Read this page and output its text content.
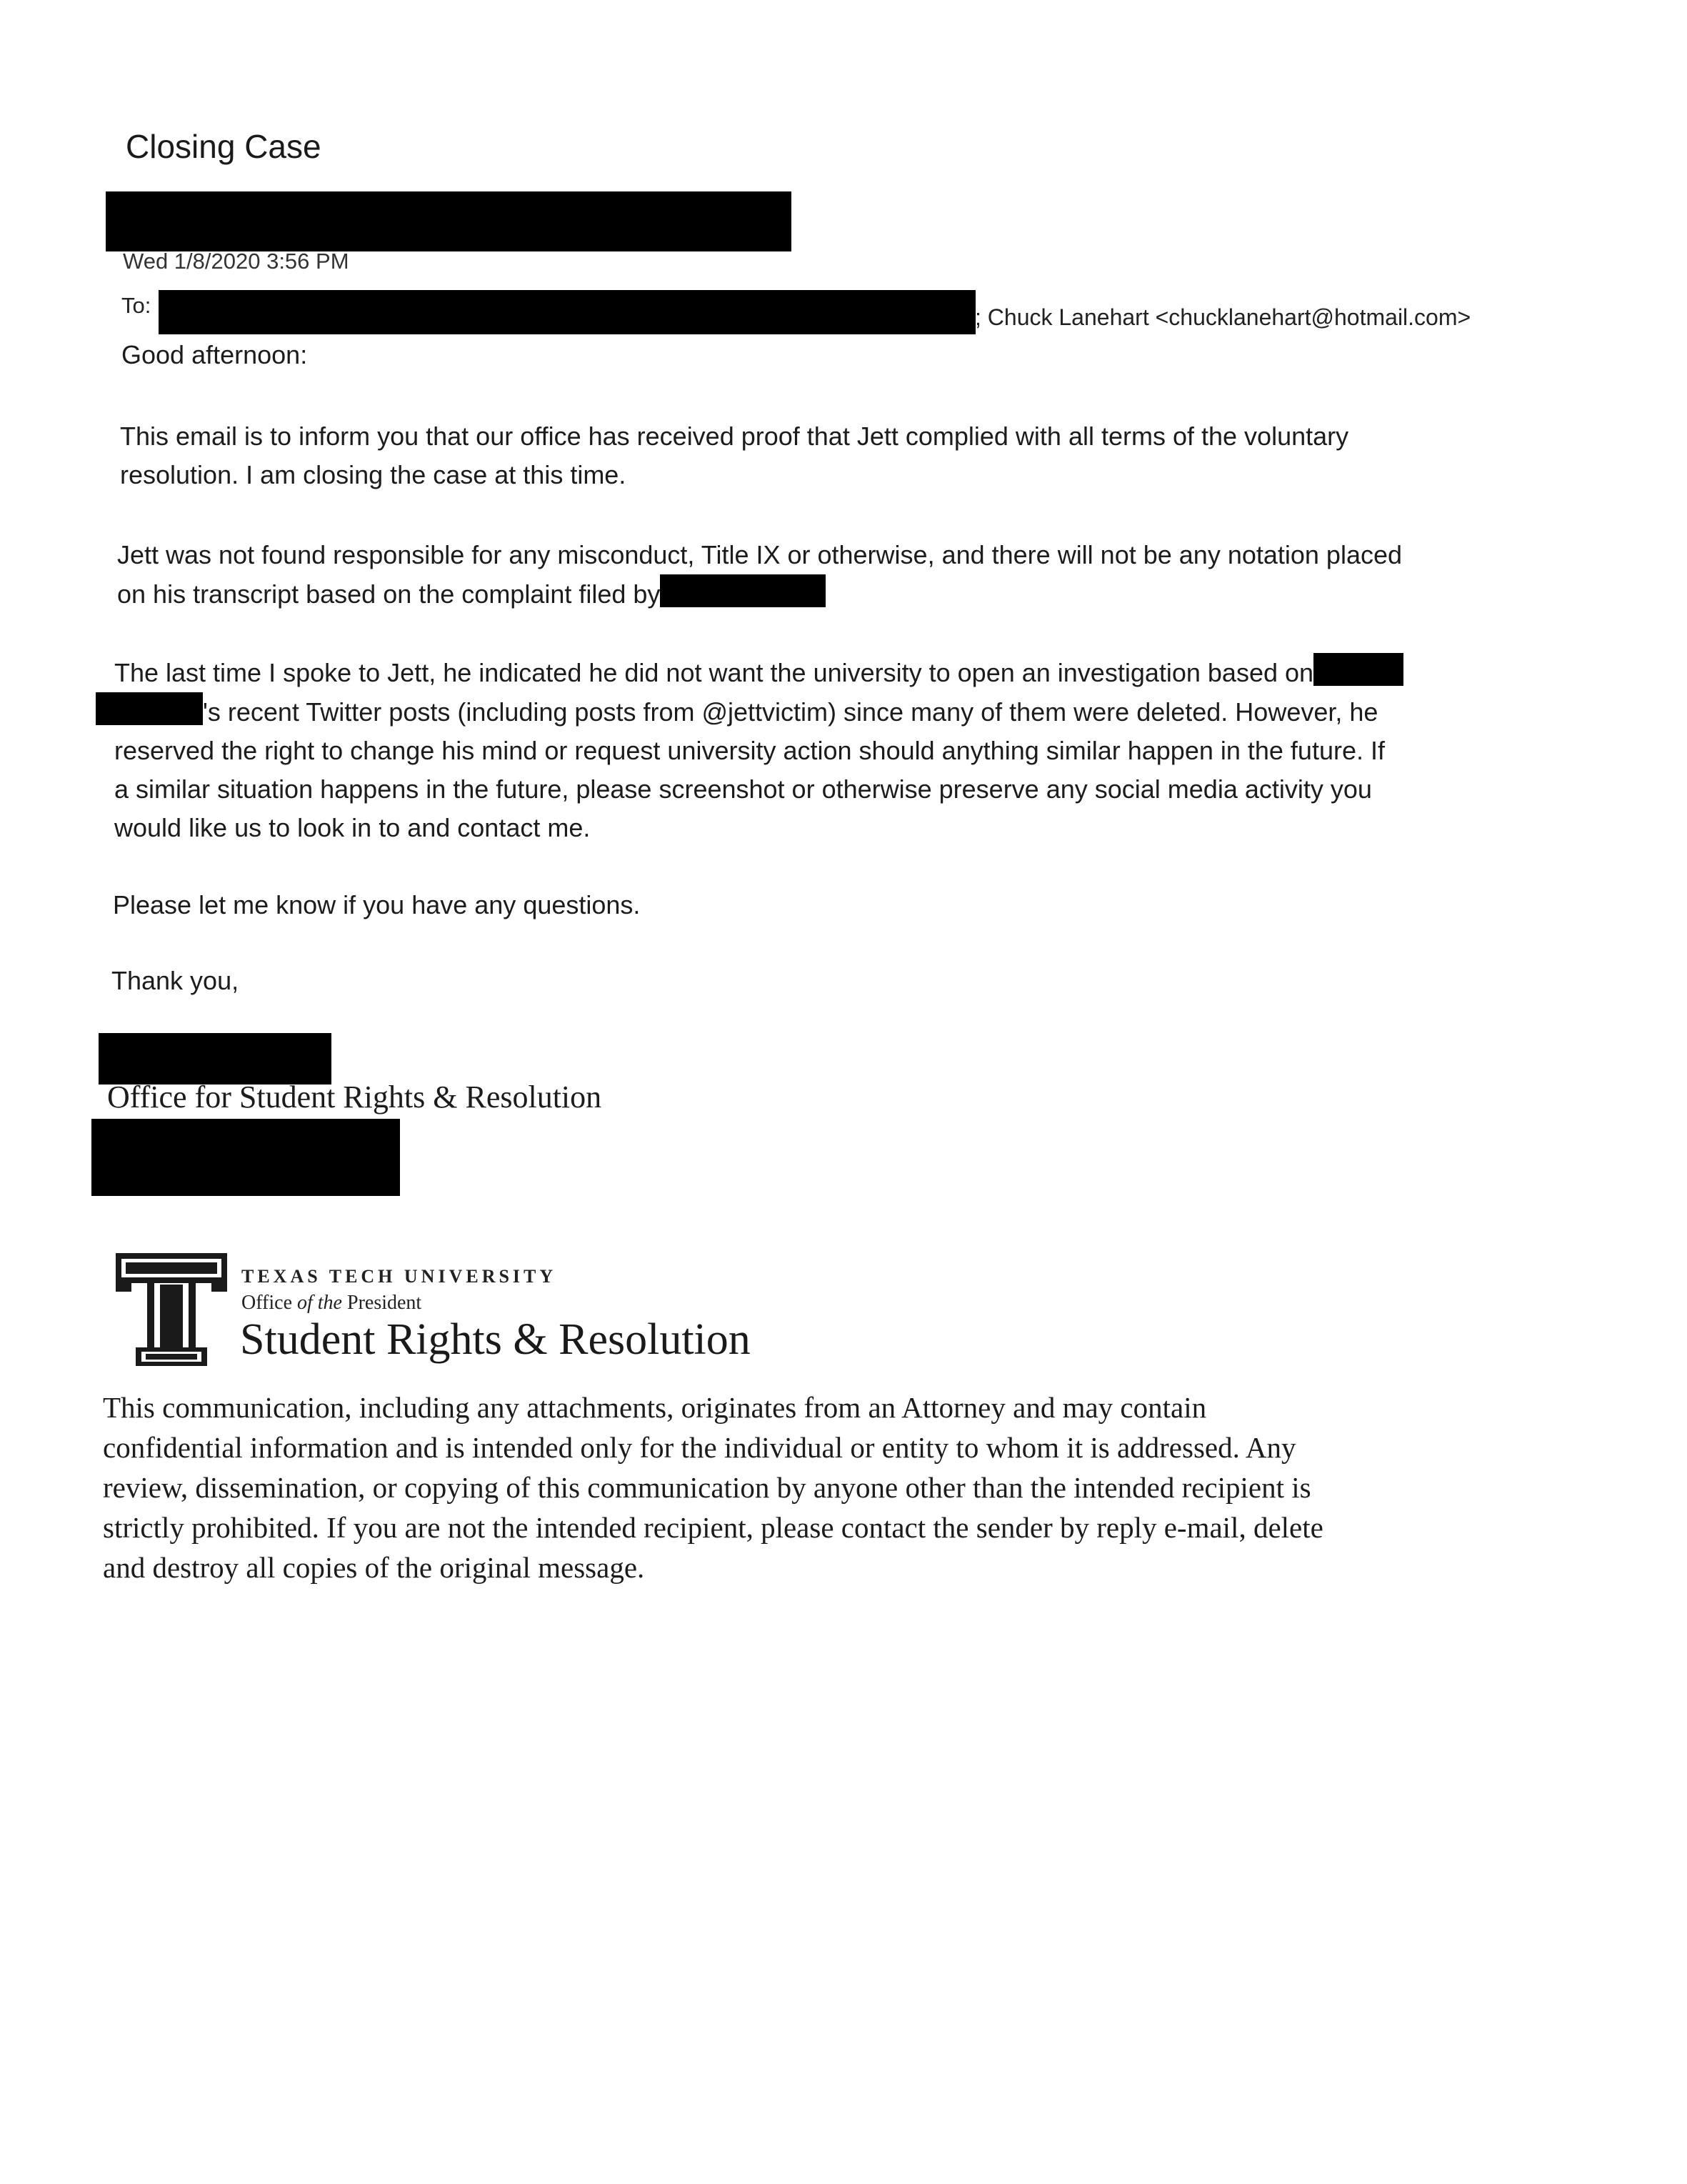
Closing Case
Wed 1/8/2020 3:56 PM
To:	; Chuck Lanehart <chucklanehart@hotmail.com>
Good afternoon:
This email is to inform you that our office has received proof that Jett complied with all terms of the voluntary
resolution. I am closing the case at this time.
Jett was not found responsible for any misconduct, Title IX or otherwise, and there will not be any notation placed
on his transcript based on the complaint filed by
The last time I spoke to Jett, he indicated he did not want the university to open an investigation based on
's recent Twitter posts (including posts from @jettvictim) since many of them were deleted. However, he
reserved the right to change his mind or request university action should anything similar happen in the future. If
a similar situation happens in the future, please screenshot or otherwise preserve any social media activity you
would like us to look in to and contact me.
Please let me know if you have any questions.
Thank you,
Office for Student Rights & Resolution
TEXAS TECH UNIVERSITY
Office of the President
Student Rights & Resolution
This communication, including any attachments, originates from an Attorney and may contain
confidential information and is intended only for the individual or entity to whom it is addressed. Any
review, dissemination, or copying of this communication by anyone other than the intended recipient is
strictly prohibited. If you are not the intended recipient, please contact the sender by reply e-mail, delete
and destroy all copies of the original message.
